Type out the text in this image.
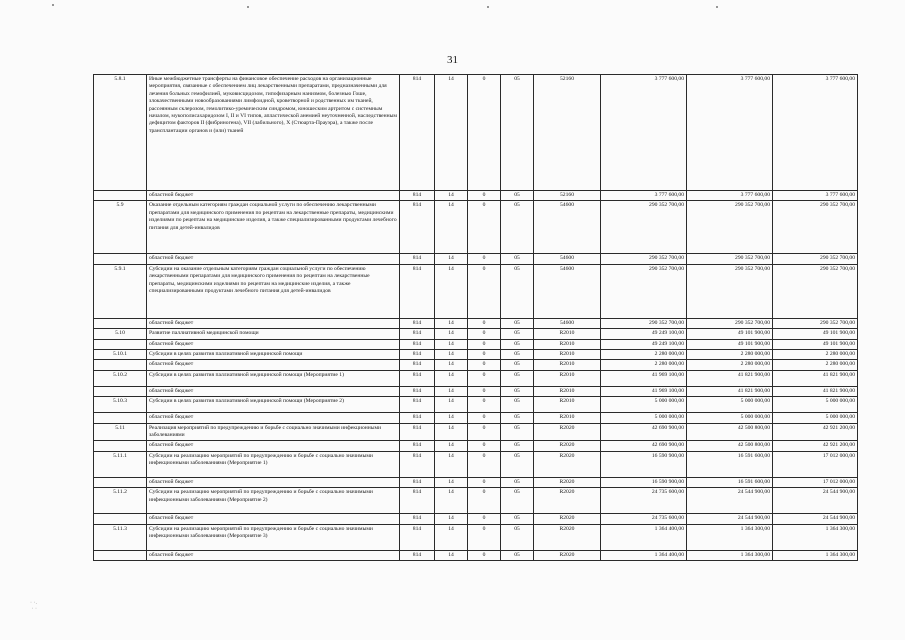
31
5.8.1	Иные межбюджетные трансферты на финансовое обеспечение расходов на организационные мероприятия, связанные с обеспечением лиц лекарственными препаратами, предназначенными для лечения больных гемофилией, муковисцидозом, гипофизарным нанизмом, болезнью Гоше, злокачественными новообразованиями лимфоидной, кроветворной и родственных им тканей, рассеянным склерозом, гемолитико-уремическим синдромом, юношеским артритом с системным началом, мукополисахаридозом I, II и VI типов, апластической анемией неуточненной, наследственным дефицитом факторов II (фибриногена), VII (лабильного), X (Стюарта-Прауэра), а также после трансплантации органов и (или) тканей	814	14	0	05	52160	3 777 600,00	3 777 600,00	3 777 600,00
	областной бюджет	814	14	0	05	52160	3 777 600,00	3 777 600,00	3 777 600,00
5.9	Оказание отдельным категориям граждан социальной услуги по обеспечению лекарственными препаратами для медицинского применения по рецептам на лекарственные препараты, медицинскими изделиями по рецептам на медицинские изделия, а также специализированными продуктами лечебного питания для детей-инвалидов	814	14	0	05	54600	290 352 700,00	290 352 700,00	290 352 700,00
	областной бюджет	814	14	0	05	54600	290 352 700,00	290 352 700,00	290 352 700,00
5.9.1	Субсидии на оказание отдельным категориям граждан социальной услуги по обеспечению лекарственными препаратами для медицинского применения по рецептам на лекарственные препараты, медицинскими изделиями по рецептам на медицинские изделия, а также специализированными продуктами лечебного питания для детей-инвалидов	814	14	0	05	54600	290 352 700,00	290 352 700,00	290 352 700,00
	областной бюджет	814	14	0	05	54600	290 352 700,00	290 352 700,00	290 352 700,00
5.10	Развитие паллиативной медицинской помощи	814	14	0	05	R2010	49 249 100,00	49 101 900,00	49 101 900,00
	областной бюджет	814	14	0	05	R2010	49 249 100,00	49 101 900,00	49 101 900,00
5.10.1	Субсидии в целях развития паллиативной медицинской помощи	814	14	0	05	R2010	2 280 000,00	2 280 000,00	2 280 000,00
	областной бюджет	814	14	0	05	R2010	2 280 000,00	2 280 000,00	2 280 000,00
5.10.2	Субсидии в целях развития паллиативной медицинской помощи (Мероприятие 1)	814	14	0	05	R2010	41 969 100,00	41 821 900,00	41 821 900,00
	областной бюджет	814	14	0	05	R2010	41 969 100,00	41 821 900,00	41 821 900,00
5.10.3	Субсидии в целях развития паллиативной медицинской помощи (Мероприятие 2)	814	14	0	05	R2010	5 000 000,00	5 000 000,00	5 000 000,00
	областной бюджет	814	14	0	05	R2010	5 000 000,00	5 000 000,00	5 000 000,00
5.11	Реализация мероприятий по предупреждению и борьбе с социально значимыми инфекционными заболеваниями	814	14	0	05	R2020	42 690 900,00	42 500 800,00	42 921 200,00
	областной бюджет	814	14	0	05	R2020	42 690 900,00	42 500 800,00	42 921 200,00
5.11.1	Субсидии на реализацию мероприятий по предупреждению и борьбе с социально значимыми инфекционными заболеваниями (Мероприятие 1)	814	14	0	05	R2020	16 590 900,00	16 591 600,00	17 012 000,00
	областной бюджет	814	14	0	05	R2020	16 590 900,00	16 591 600,00	17 012 000,00
5.11.2	Субсидии на реализацию мероприятий по предупреждению и борьбе с социально значимыми инфекционными заболеваниями (Мероприятие 2)	814	14	0	05	R2020	24 735 600,00	24 544 900,00	24 544 900,00
	областной бюджет	814	14	0	05	R2020	24 735 600,00	24 544 900,00	24 544 900,00
5.11.3	Субсидии на реализацию мероприятий по предупреждению и борьбе с социально значимыми инфекционными заболеваниями (Мероприятие 3)	814	14	0	05	R2020	1 364 400,00	1 364 300,00	1 364 300,00
	областной бюджет	814	14	0	05	R2020	1 364 400,00	1 364 300,00	1 364 300,00
· ·.
· ·
